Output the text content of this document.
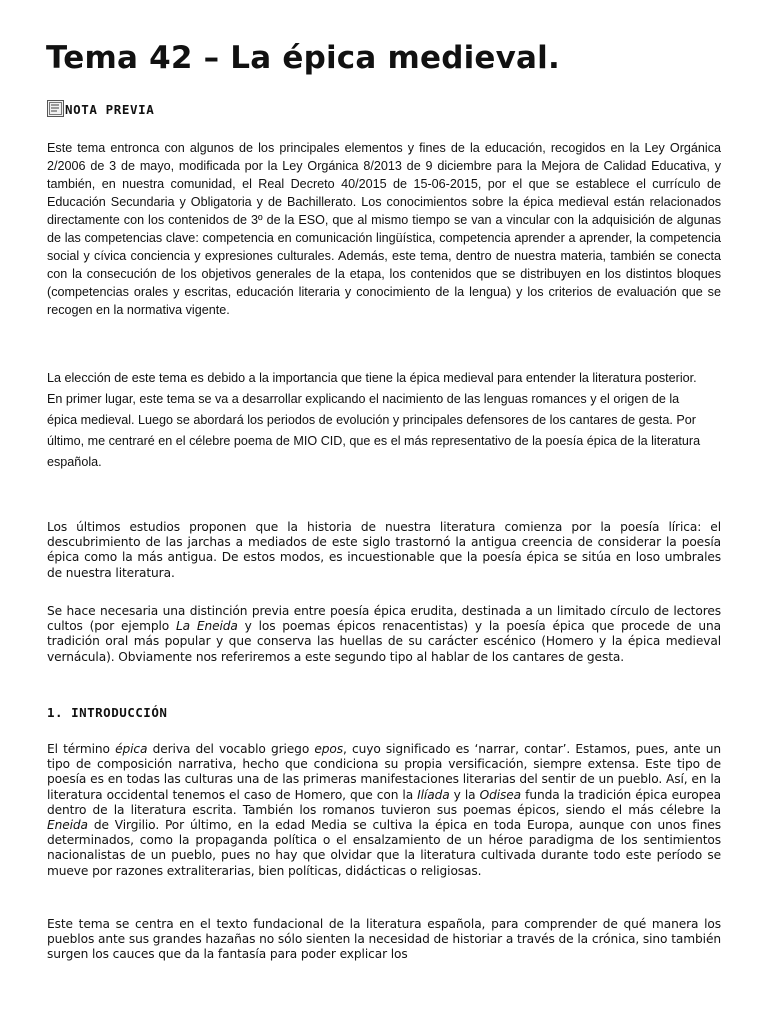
Tema 42 – La épica medieval.
NOTA PREVIA

Este tema entronca con algunos de los principales elementos y fines de la educación, recogidos en la Ley Orgánica 2/2006 de 3 de mayo, modificada por la Ley Orgánica 8/2013 de 9 diciembre para la Mejora de Calidad Educativa, y también, en nuestra comunidad, el Real Decreto 40/2015 de 15-06-2015, por el que se establece el currículo de Educación Secundaria y Obligatoria y de Bachillerato. Los conocimientos sobre la épica medieval están relacionados directamente con los contenidos de 3º de la ESO, que al mismo tiempo se van a vincular con la adquisición de algunas de las competencias clave: competencia en comunicación lingüística, competencia aprender a aprender, la competencia social y cívica conciencia y expresiones culturales. Además, este tema, dentro de nuestra materia, también se conecta con la consecución de los objetivos generales de la etapa, los contenidos que se distribuyen en los distintos bloques (competencias orales y escritas, educación literaria y conocimiento de la lengua) y los criterios de evaluación que se recogen en la normativa vigente.

La elección de este tema es debido a la importancia que tiene la épica medieval para entender la literatura posterior. En primer lugar, este tema se va a desarrollar explicando el nacimiento de las lenguas romances y el origen de la épica medieval. Luego se abordará los periodos de evolución y principales defensores de los cantares de gesta. Por último, me centraré en el célebre poema de MIO CID, que es el más representativo de la poesía épica de la literatura española.

Los últimos estudios proponen que la historia de nuestra literatura comienza por la poesía lírica: el descubrimiento de las jarchas a mediados de este siglo trastornó la antigua creencia de considerar la poesía épica como la más antigua. De estos modos, es incuestionable que la poesía épica se sitúa en loso umbrales de nuestra literatura.

Se hace necesaria una distinción previa entre poesía épica erudita, destinada a un limitado círculo de lectores cultos (por ejemplo La Eneida y los poemas épicos renacentistas) y la poesía épica que procede de una tradición oral más popular y que conserva las huellas de su carácter escénico (Homero y la épica medieval vernácula). Obviamente nos referiremos a este segundo tipo al hablar de los cantares de gesta.

1. INTRODUCCIÓN

El término épica deriva del vocablo griego epos, cuyo significado es ‘narrar, contar’. Estamos, pues, ante un tipo de composición narrativa, hecho que condiciona su propia versificación, siempre extensa. Este tipo de poesía es en todas las culturas una de las primeras manifestaciones literarias del sentir de un pueblo. Así, en la literatura occidental tenemos el caso de Homero, que con la Ilíada y la Odisea funda la tradición épica europea dentro de la literatura escrita. También los romanos tuvieron sus poemas épicos, siendo el más célebre la Eneida de Virgilio. Por último, en la edad Media se cultiva la épica en toda Europa, aunque con unos fines determinados, como la propaganda política o el ensalzamiento de un héroe paradigma de los sentimientos nacionalistas de un pueblo, pues no hay que olvidar que la literatura cultivada durante todo este período se mueve por razones extraliterarias, bien políticas, didácticas o religiosas.

Este tema se centra en el texto fundacional de la literatura española, para comprender de qué manera los pueblos ante sus grandes hazañas no sólo sienten la necesidad de historiar a través de la crónica, sino también surgen los cauces que da la fantasía para poder explicar los
